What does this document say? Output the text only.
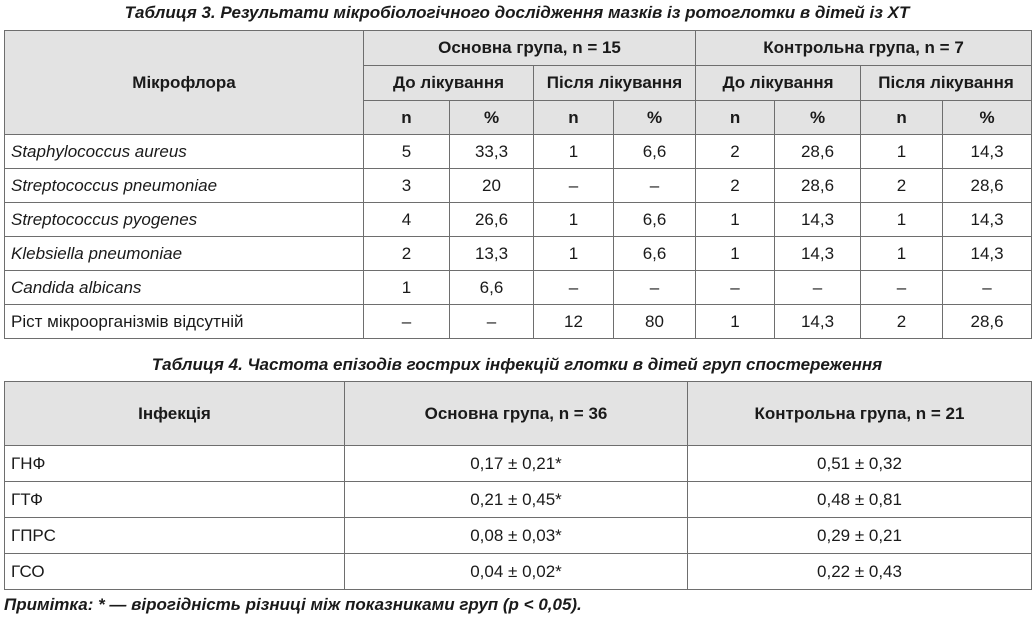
Таблиця 3. Результати мікробіологічного дослідження мазків із ротоглотки в дітей із ХТ
Мікрофлора	Основна група, n = 15				Контрольна група, n = 7			
	До лікування		Після лікування		До лікування		Після лікування	
	n	%	n	%	n	%	n	%
Staphylococcus aureus	5	33,3	1	6,6	2	28,6	1	14,3
Streptococcus pneumoniae	3	20	–	–	2	28,6	2	28,6
Streptococcus pyogenes	4	26,6	1	6,6	1	14,3	1	14,3
Klebsiella pneumoniae	2	13,3	1	6,6	1	14,3	1	14,3
Candida albicans	1	6,6	–	–	–	–	–	–
Ріст мікроорганізмів відсутній	–	–	12	80	1	14,3	2	28,6
Таблиця 4. Частота епізодів гострих інфекцій глотки в дітей груп спостереження
Інфекція	Основна група, n = 36	Контрольна група, n = 21
ГНФ	0,17 ± 0,21*	0,51 ± 0,32
ГТФ	0,21 ± 0,45*	0,48 ± 0,81
ГПРС	0,08 ± 0,03*	0,29 ± 0,21
ГСО	0,04 ± 0,02*	0,22 ± 0,43
Примітка: * — вірогідність різниці між показниками груп (p < 0,05).
